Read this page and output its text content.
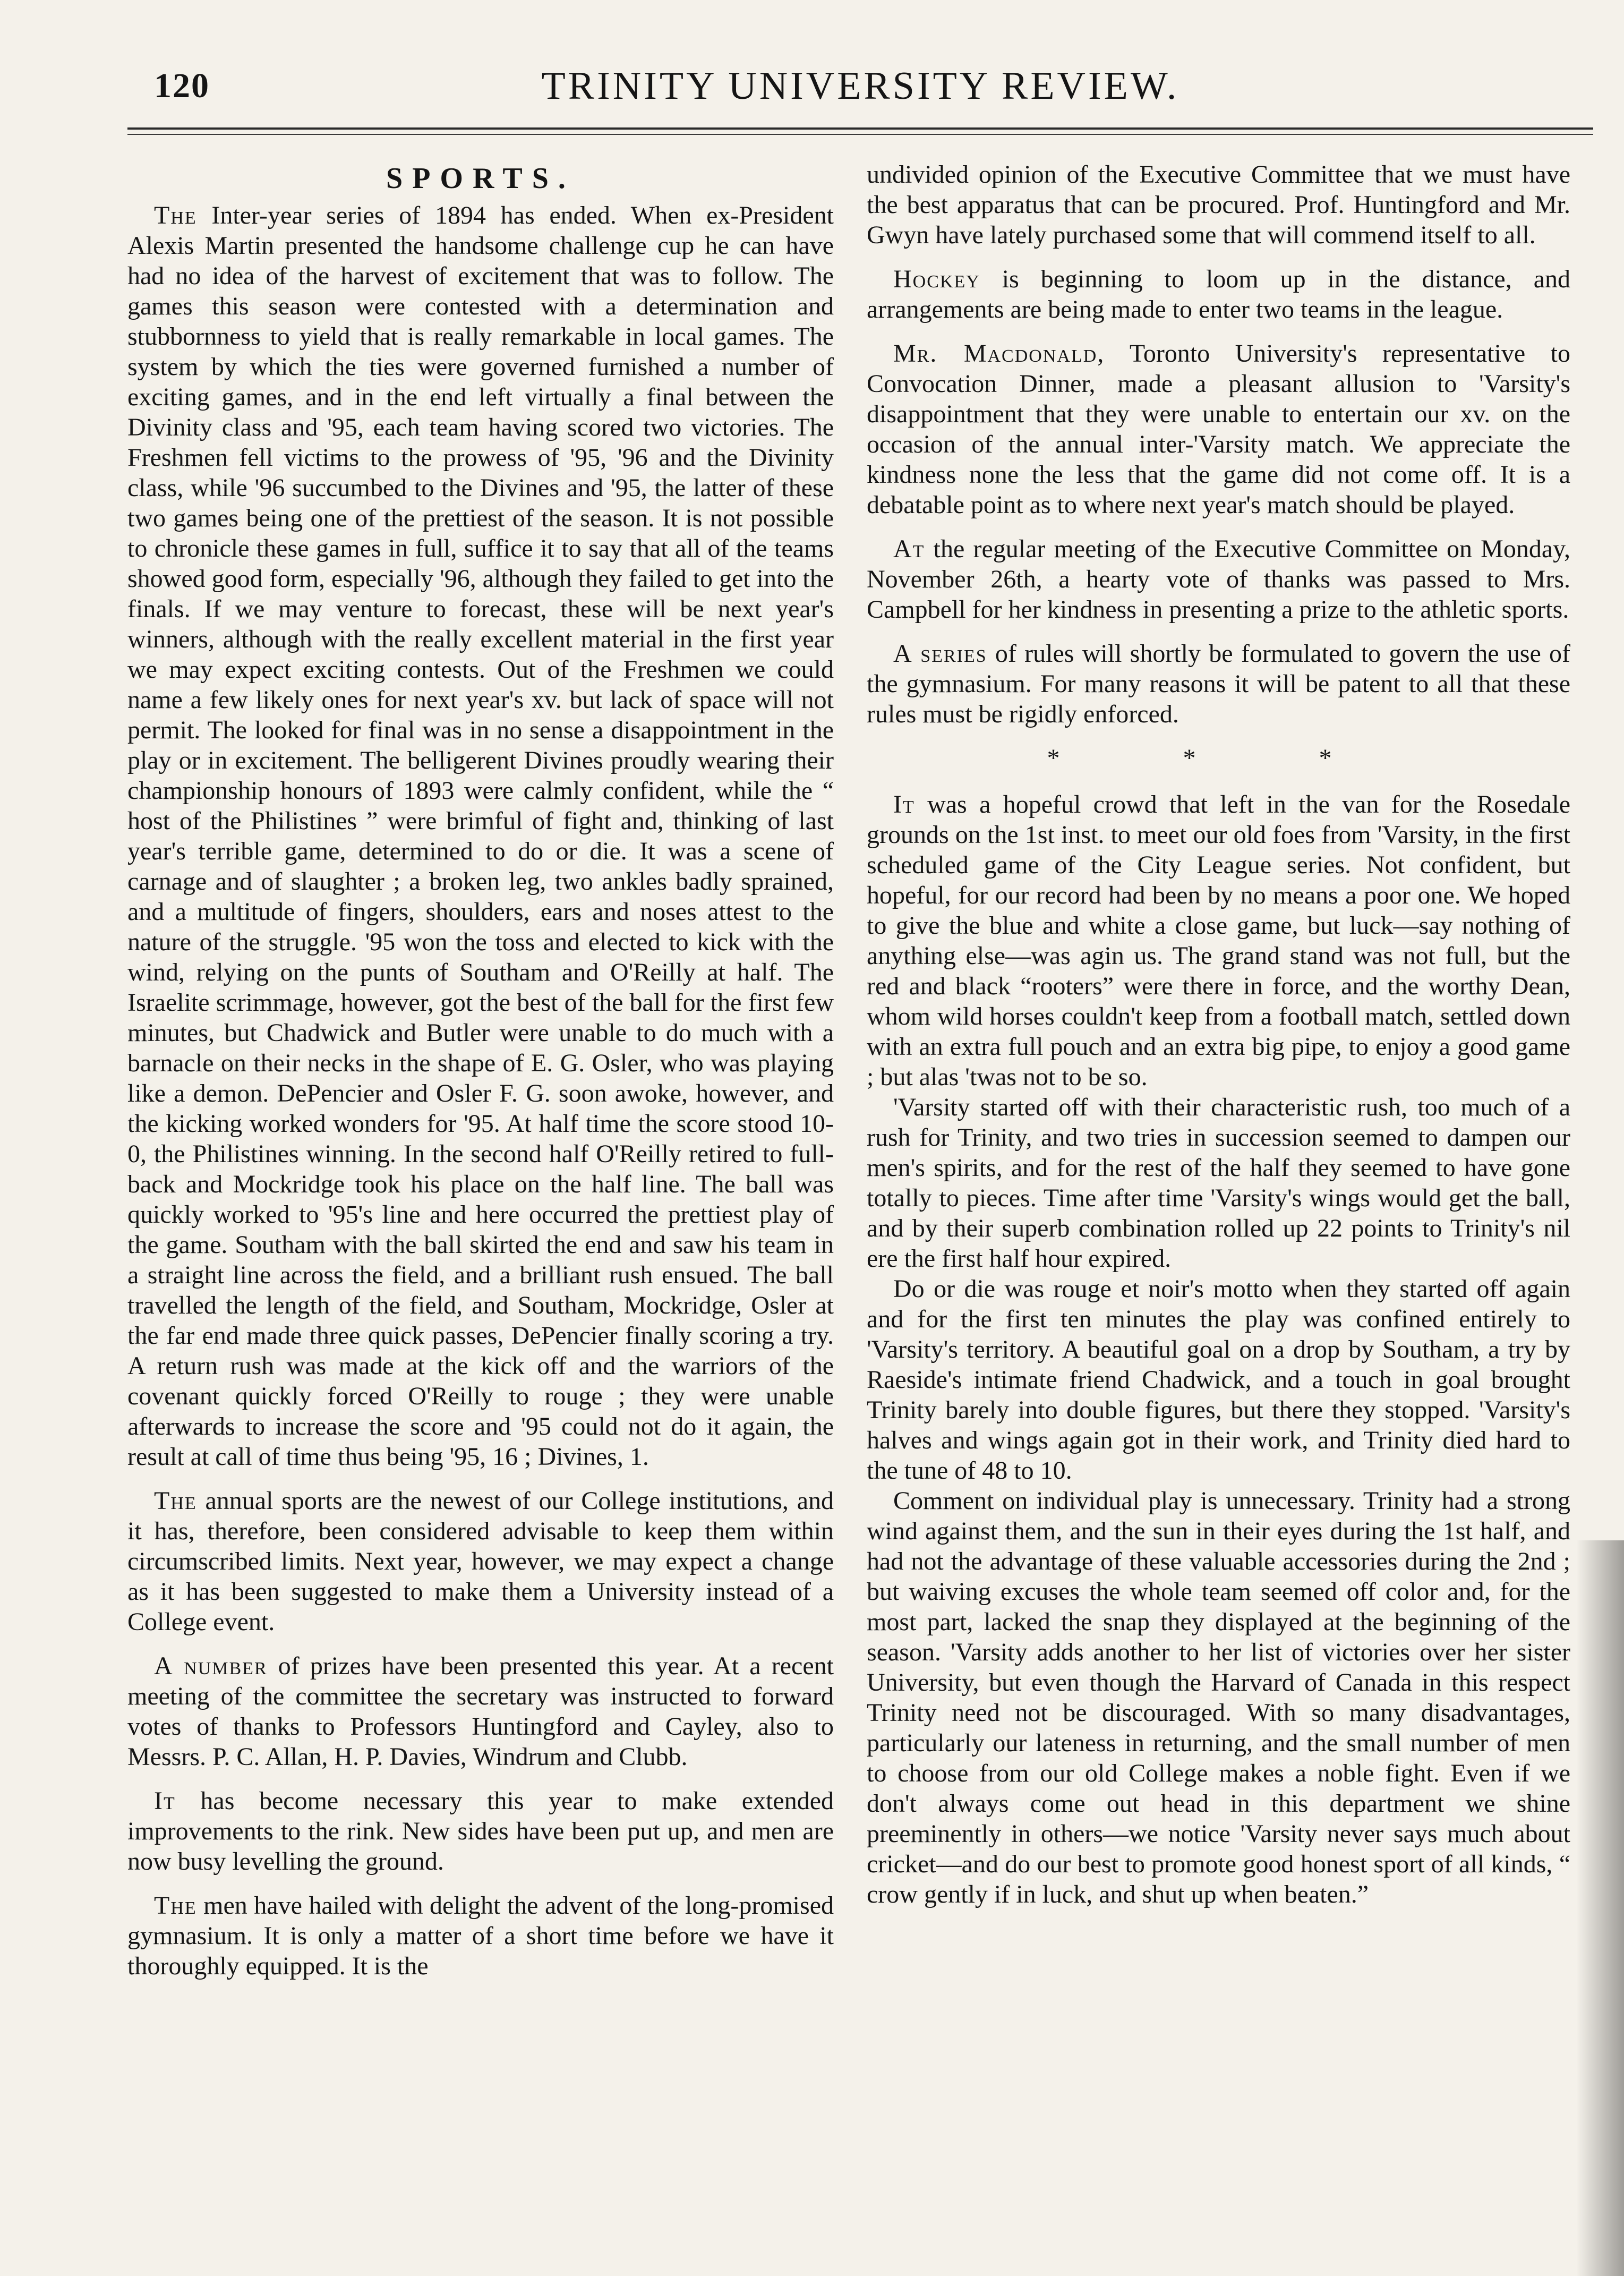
TRINITY UNIVERSITY REVIEW.
120
SPORTS.

The Inter-year series of 1894 has ended. When ex-President Alexis Martin presented the handsome challenge cup he can have had no idea of the harvest of excitement that was to follow. The games this season were contested with a determination and stubbornness to yield that is really remarkable in local games. The system by which the ties were governed furnished a number of exciting games, and in the end left virtually a final between the Divinity class and '95, each team having scored two victories. The Freshmen fell victims to the prowess of '95, '96 and the Divinity class, while '96 succumbed to the Divines and '95, the latter of these two games being one of the prettiest of the season. It is not possible to chronicle these games in full, suffice it to say that all of the teams showed good form, especially '96, although they failed to get into the finals. If we may venture to forecast, these will be next year's winners, although with the really excellent material in the first year we may expect exciting contests. Out of the Freshmen we could name a few likely ones for next year's xv. but lack of space will not permit. The looked for final was in no sense a disappointment in the play or in excitement. The belligerent Divines proudly wearing their championship honours of 1893 were calmly confident, while the “ host of the Philistines ” were brimful of fight and, thinking of last year's terrible game, determined to do or die. It was a scene of carnage and of slaughter ; a broken leg, two ankles badly sprained, and a multitude of fingers, shoulders, ears and noses attest to the nature of the struggle. '95 won the toss and elected to kick with the wind, relying on the punts of Southam and O'Reilly at half. The Israelite scrimmage, however, got the best of the ball for the first few minutes, but Chadwick and Butler were unable to do much with a barnacle on their necks in the shape of E. G. Osler, who was playing like a demon. DePencier and Osler F. G. soon awoke, however, and the kicking worked wonders for '95. At half time the score stood 10-0, the Philistines winning. In the second half O'Reilly retired to full-back and Mockridge took his place on the half line. The ball was quickly worked to '95's line and here occurred the prettiest play of the game. Southam with the ball skirted the end and saw his team in a straight line across the field, and a brilliant rush ensued. The ball travelled the length of the field, and Southam, Mockridge, Osler at the far end made three quick passes, DePencier finally scoring a try. A return rush was made at the kick off and the warriors of the covenant quickly forced O'Reilly to rouge ; they were unable afterwards to increase the score and '95 could not do it again, the result at call of time thus being '95, 16 ; Divines, 1.

The annual sports are the newest of our College institutions, and it has, therefore, been considered advisable to keep them within circumscribed limits. Next year, however, we may expect a change as it has been suggested to make them a University instead of a College event.

A number of prizes have been presented this year. At a recent meeting of the committee the secretary was instructed to forward votes of thanks to Professors Huntingford and Cayley, also to Messrs. P. C. Allan, H. P. Davies, Windrum and Clubb.

It has become necessary this year to make extended improvements to the rink. New sides have been put up, and men are now busy levelling the ground.

The men have hailed with delight the advent of the long-promised gymnasium. It is only a matter of a short time before we have it thoroughly equipped. It is the

undivided opinion of the Executive Committee that we must have the best apparatus that can be procured. Prof. Huntingford and Mr. Gwyn have lately purchased some that will commend itself to all.

Hockey is beginning to loom up in the distance, and arrangements are being made to enter two teams in the league.

Mr. Macdonald, Toronto University's representative to Convocation Dinner, made a pleasant allusion to 'Varsity's disappointment that they were unable to entertain our xv. on the occasion of the annual inter-'Varsity match. We appreciate the kindness none the less that the game did not come off. It is a debatable point as to where next year's match should be played.

At the regular meeting of the Executive Committee on Monday, November 26th, a hearty vote of thanks was passed to Mrs. Campbell for her kindness in presenting a prize to the athletic sports.

A series of rules will shortly be formulated to govern the use of the gymnasium. For many reasons it will be patent to all that these rules must be rigidly enforced.

* * *

It was a hopeful crowd that left in the van for the Rosedale grounds on the 1st inst. to meet our old foes from 'Varsity, in the first scheduled game of the City League series. Not confident, but hopeful, for our record had been by no means a poor one. We hoped to give the blue and white a close game, but luck—say nothing of anything else—was agin us. The grand stand was not full, but the red and black “rooters” were there in force, and the worthy Dean, whom wild horses couldn't keep from a football match, settled down with an extra full pouch and an extra big pipe, to enjoy a good game ; but alas 'twas not to be so.

'Varsity started off with their characteristic rush, too much of a rush for Trinity, and two tries in succession seemed to dampen our men's spirits, and for the rest of the half they seemed to have gone totally to pieces. Time after time 'Varsity's wings would get the ball, and by their superb combination rolled up 22 points to Trinity's nil ere the first half hour expired.

Do or die was rouge et noir's motto when they started off again and for the first ten minutes the play was confined entirely to 'Varsity's territory. A beautiful goal on a drop by Southam, a try by Raeside's intimate friend Chadwick, and a touch in goal brought Trinity barely into double figures, but there they stopped. 'Varsity's halves and wings again got in their work, and Trinity died hard to the tune of 48 to 10.

Comment on individual play is unnecessary. Trinity had a strong wind against them, and the sun in their eyes during the 1st half, and had not the advantage of these valuable accessories during the 2nd ; but waiving excuses the whole team seemed off color and, for the most part, lacked the snap they displayed at the beginning of the season. 'Varsity adds another to her list of victories over her sister University, but even though the Harvard of Canada in this respect Trinity need not be discouraged. With so many disadvantages, particularly our lateness in returning, and the small number of men to choose from our old College makes a noble fight. Even if we don't always come out head in this department we shine preeminently in others—we notice 'Varsity never says much about cricket—and do our best to promote good honest sport of all kinds, “ crow gently if in luck, and shut up when beaten.”
